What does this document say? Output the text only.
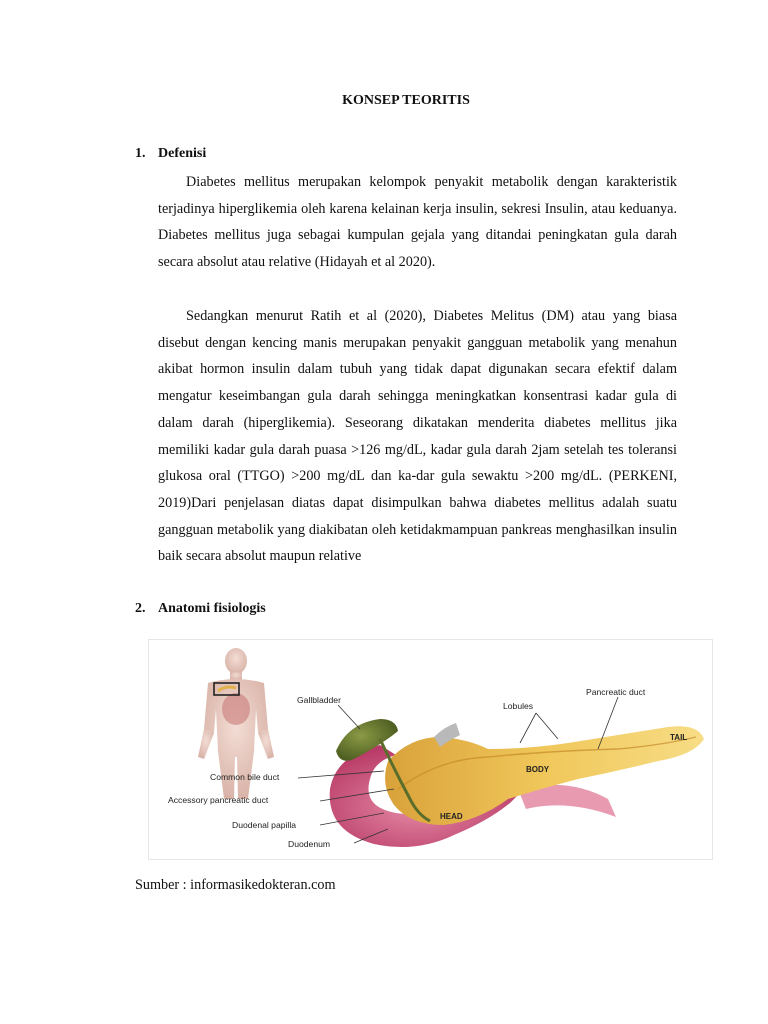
KONSEP TEORITIS
1. Defenisi

Diabetes mellitus merupakan kelompok penyakit metabolik dengan karakteristik terjadinya hiperglikemia oleh karena kelainan kerja insulin, sekresi Insulin, atau keduanya. Diabetes mellitus juga sebagai kumpulan gejala yang ditandai peningkatan gula darah secara absolut atau relative (Hidayah et al 2020).

Sedangkan menurut Ratih et al (2020), Diabetes Melitus (DM) atau yang biasa disebut dengan kencing manis merupakan penyakit gangguan metabolik yang menahun akibat hormon insulin dalam tubuh yang tidak dapat digunakan secara efektif dalam mengatur keseimbangan gula darah sehingga meningkatkan konsentrasi kadar gula di dalam darah (hiperglikemia). Seseorang dikatakan menderita diabetes mellitus jika memiliki kadar gula darah puasa >126 mg/dL, kadar gula darah 2jam setelah tes toleransi glukosa oral (TTGO) >200 mg/dL dan ka-dar gula sewaktu >200 mg/dL. (PERKENI, 2019)Dari penjelasan diatas dapat disimpulkan bahwa diabetes mellitus adalah suatu gangguan metabolik yang diakibatan oleh ketidakmampuan pankreas menghasilkan insulin baik secara absolut maupun relative

2. Anatomi fisiologis
Gallbladder
Common bile duct
Accessory pancreatic duct
Duodenal papilla
Duodenum
Lobules
Pancreatic duct
TAIL
BODY
HEAD
Sumber : informasikedokteran.com
